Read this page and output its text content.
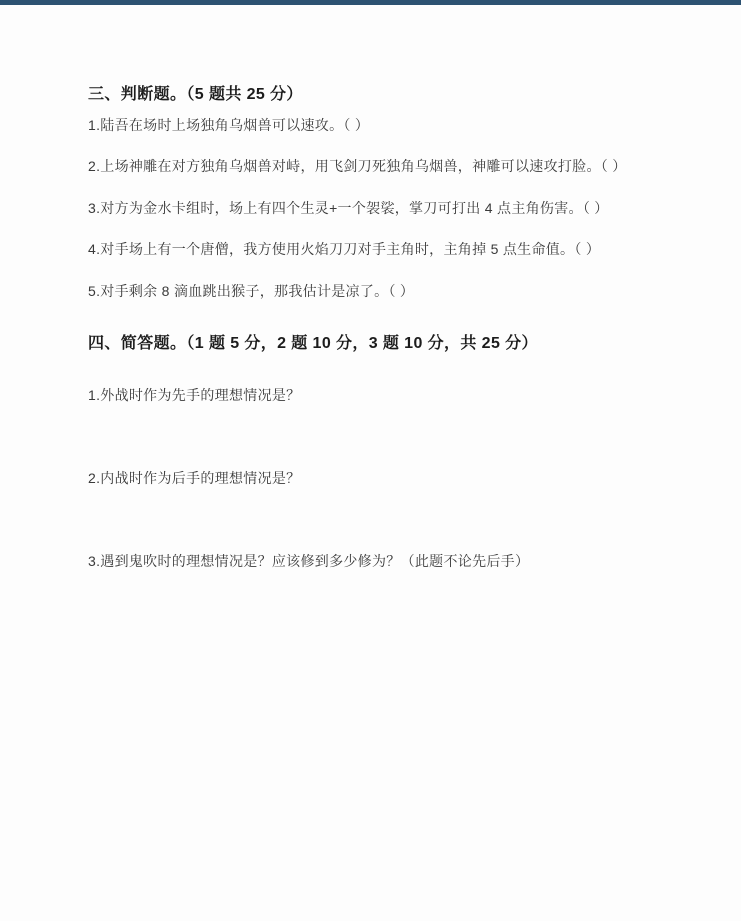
三、判断题。（5 题共 25 分）

1.陆吾在场时上场独角乌烟兽可以速攻。（ ）

2.上场神雕在对方独角乌烟兽对峙，用飞剑刀死独角乌烟兽，神雕可以速攻打脸。（ ）

3.对方为金水卡组时，场上有四个生灵+一个袈裟，掌刀可打出 4 点主角伤害。（ ）

4.对手场上有一个唐僧，我方使用火焰刀刀对手主角时，主角掉 5 点生命值。（ ）

5.对手剩余 8 滴血跳出猴子，那我估计是凉了。（ ）

四、简答题。（1 题 5 分，2 题 10 分，3 题 10 分，共 25 分）

1.外战时作为先手的理想情况是？

2.内战时作为后手的理想情况是？

3.遇到鬼吹时的理想情况是？应该修到多少修为？（此题不论先后手）
